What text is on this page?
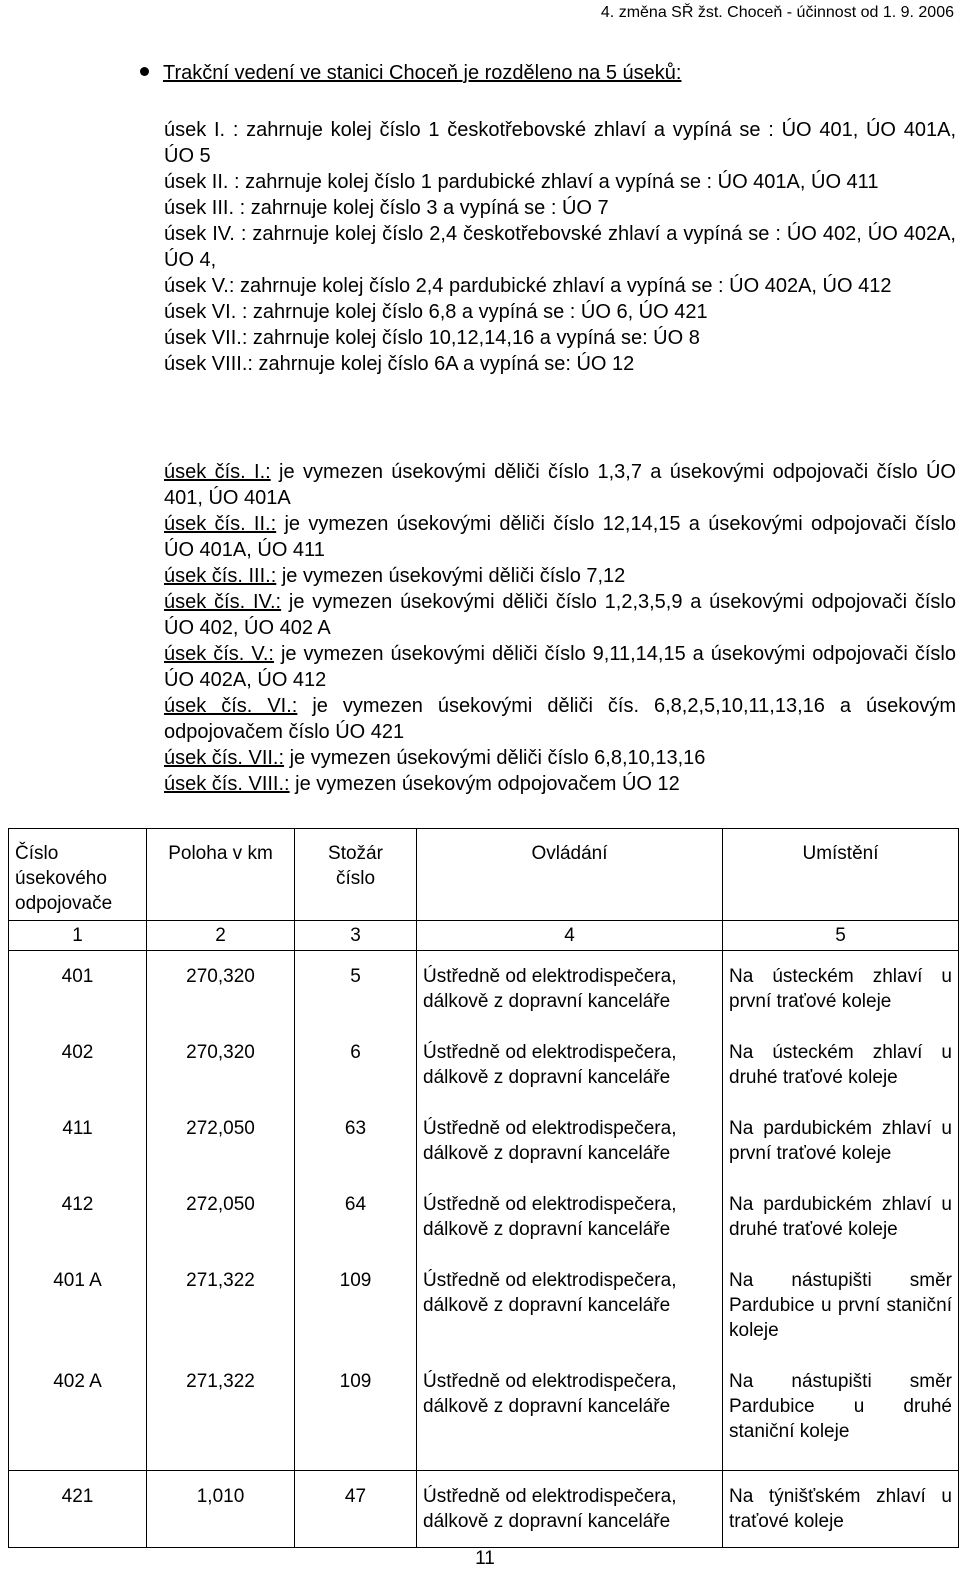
4. změna SŘ žst. Choceň - účinnost od 1. 9. 2006
Trakční vedení ve stanici Choceň je rozděleno na 5 úseků:

úsek I. : zahrnuje kolej číslo 1 českotřebovské zhlaví a vypíná se : ÚO 401, ÚO 401A, ÚO 5

úsek II. : zahrnuje kolej číslo 1 pardubické zhlaví a vypíná se : ÚO 401A, ÚO 411

úsek III. : zahrnuje kolej číslo 3 a vypíná se : ÚO 7

úsek IV. : zahrnuje kolej číslo 2,4 českotřebovské zhlaví a vypíná se : ÚO 402, ÚO 402A, ÚO 4,

úsek V.: zahrnuje kolej číslo 2,4 pardubické zhlaví a vypíná se : ÚO 402A, ÚO 412

úsek VI. : zahrnuje kolej číslo 6,8 a vypíná se : ÚO 6, ÚO 421

úsek VII.: zahrnuje kolej číslo 10,12,14,16 a vypíná se: ÚO 8

úsek VIII.: zahrnuje kolej číslo 6A a vypíná se: ÚO 12

úsek čís. I.: je vymezen úsekovými děliči číslo 1,3,7 a úsekovými odpojovači číslo ÚO 401, ÚO 401A

úsek čís. II.: je vymezen úsekovými děliči číslo 12,14,15 a úsekovými odpojovači číslo ÚO 401A, ÚO 411

úsek čís. III.: je vymezen úsekovými děliči číslo 7,12

úsek čís. IV.: je vymezen úsekovými děliči číslo 1,2,3,5,9 a úsekovými odpojovači číslo ÚO 402, ÚO 402 A

úsek čís. V.: je vymezen úsekovými děliči číslo 9,11,14,15 a úsekovými odpojovači číslo ÚO 402A, ÚO 412

úsek čís. VI.: je vymezen úsekovými děliči čís. 6,8,2,5,10,11,13,16 a úsekovým odpojovačem číslo ÚO 421

úsek čís. VII.: je vymezen úsekovými děliči číslo 6,8,10,13,16

úsek čís. VIII.: je vymezen úsekovým odpojovačem ÚO 12

Číslo úsekového odpojovače	Poloha v km	Stožár číslo	Ovládání	Umístění
1	2	3	4	5
401	270,320	5	Ústředně od elektrodispečera, dálkově z dopravní kanceláře	Na ústeckém zhlaví u první traťové koleje
402	270,320	6	Ústředně od elektrodispečera, dálkově z dopravní kanceláře	Na ústeckém zhlaví u druhé traťové koleje
411	272,050	63	Ústředně od elektrodispečera, dálkově z dopravní kanceláře	Na pardubickém zhlaví u první traťové koleje
412	272,050	64	Ústředně od elektrodispečera, dálkově z dopravní kanceláře	Na pardubickém zhlaví u druhé traťové koleje
401 A	271,322	109	Ústředně od elektrodispečera, dálkově z dopravní kanceláře	Na nástupišti směr Pardubice u první staniční koleje
402 A	271,322	109	Ústředně od elektrodispečera, dálkově z dopravní kanceláře	Na nástupišti směr Pardubice u druhé staniční koleje
421	1,010	47	Ústředně od elektrodispečera, dálkově z dopravní kanceláře	Na týnišťském zhlaví u traťové koleje
11
